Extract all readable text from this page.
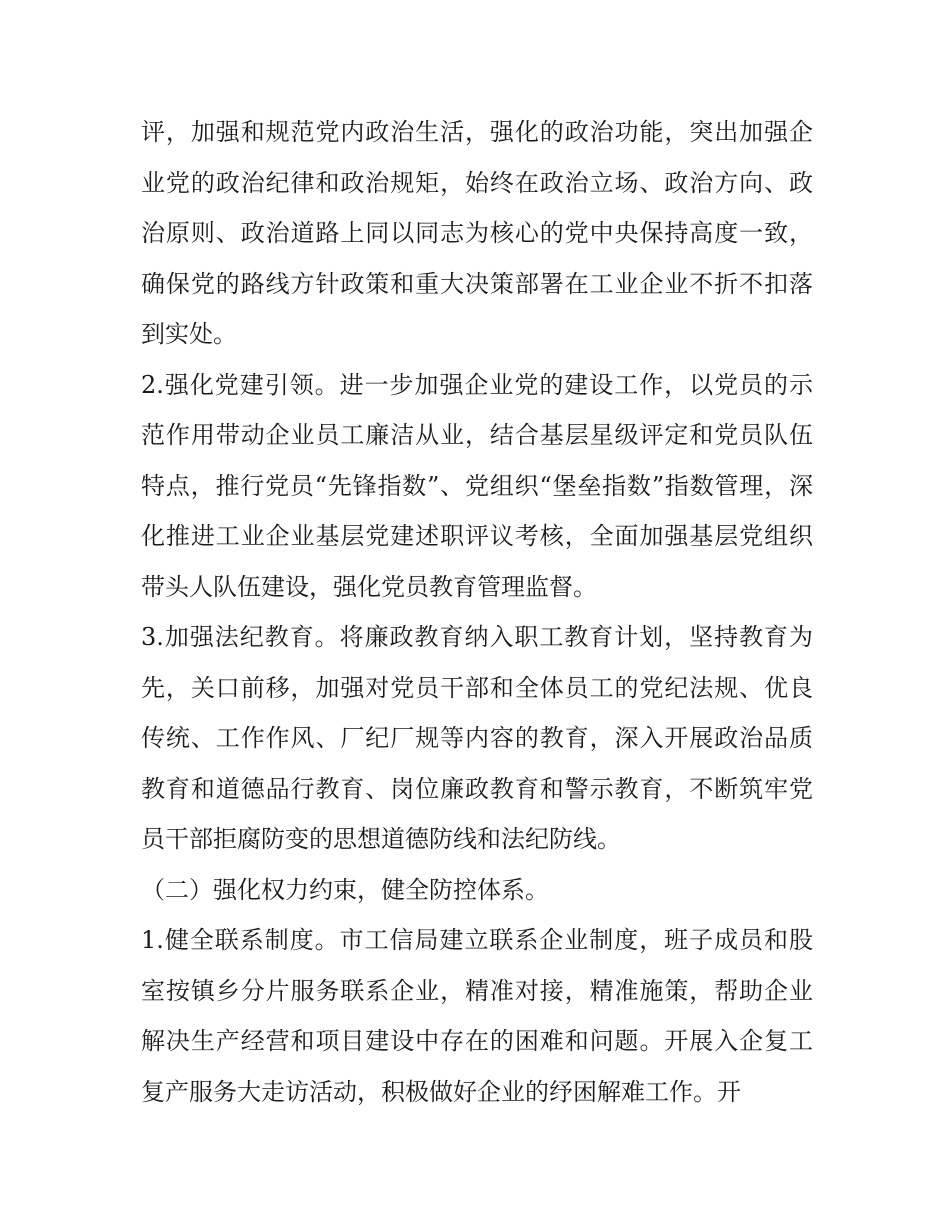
评，加强和规范党内政治生活，强化的政治功能，突出加强企
业党的政治纪律和政治规矩，始终在政治立场、政治方向、政
治原则、政治道路上同以同志为核心的党中央保持高度一致，
确保党的路线方针政策和重大决策部署在工业企业不折不扣落
到实处。
2.强化党建引领。进一步加强企业党的建设工作，以党员的示
范作用带动企业员工廉洁从业，结合基层星级评定和党员队伍
特点，推行党员“先锋指数”、党组织“堡垒指数”指数管理，深
化推进工业企业基层党建述职评议考核，全面加强基层党组织
带头人队伍建设，强化党员教育管理监督。
3.加强法纪教育。将廉政教育纳入职工教育计划，坚持教育为
先，关口前移，加强对党员干部和全体员工的党纪法规、优良
传统、工作作风、厂纪厂规等内容的教育，深入开展政治品质
教育和道德品行教育、岗位廉政教育和警示教育，不断筑牢党
员干部拒腐防变的思想道德防线和法纪防线。
（二）强化权力约束，健全防控体系。
1.健全联系制度。市工信局建立联系企业制度，班子成员和股
室按镇乡分片服务联系企业，精准对接，精准施策，帮助企业
解决生产经营和项目建设中存在的困难和问题。开展入企复工
复产服务大走访活动，积极做好企业的纾困解难工作。开
